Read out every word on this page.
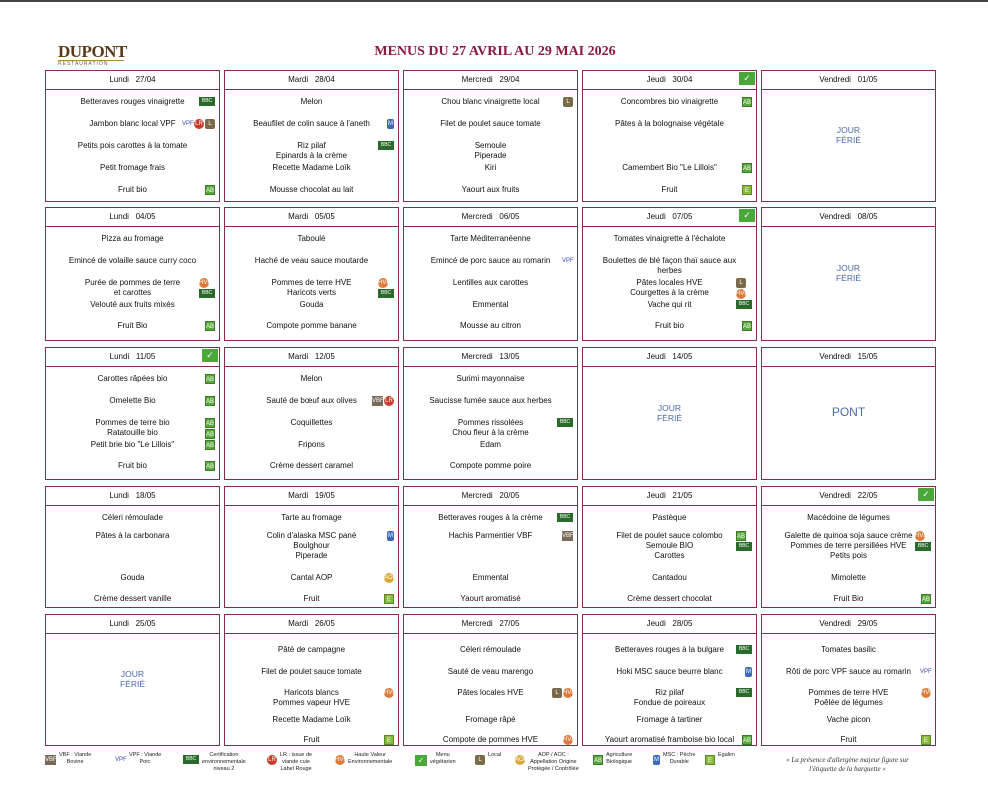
DUPONT
RESTAURATION
MENUS DU 27 AVRIL AU 29 MAI 2026
Lundi   27/04
Betteraves rouges vinaigrette	BBC
Jambon blanc local VPF VPF LR L
Petits pois carottes à la tomate
Petit fromage frais
Fruit bio	AB
Mardi   28/04
Melon
Beaufilet de colin sauce à l'aneth	M
Riz pilaf
Epinards à la crème
BBC
Recette Madame Loïk
Mousse chocolat au lait
Mercredi   29/04
Chou blanc vinaigrette local	L
Filet de poulet sauce tomate
Semoule
Piperade
Kiri
Yaourt aux fruits
Jeudi   30/04	✓
Concombres bio vinaigrette	AB
Pâtes à la bolognaise végétale
Camembert Bio "Le Lillois"	AB
Fruit	E
Vendredi   01/05
JOUR
FÉRIÉ
Lundi   04/05
Pizza au fromage
Emincé de volaille sauce curry coco
Purée de pommes de terre
et carottes
HVE
BBC
Velouté aux fruits mixés
Fruit Bio	AB
Mardi   05/05
Taboulé
Haché de veau sauce moutarde
Pommes de terre HVE
Haricots verts
HVE
BBC
Gouda
Compote pomme banane
Mercredi   06/05
Tarte Méditerranéenne
Emincé de porc sauce au romarin VPF
Lentilles aux carottes
Emmental
Mousse au citron
Jeudi   07/05	✓
Tomates vinaigrette à l'échalote
Boulettes de blé façon thaï sauce aux herbes
Pâtes locales HVE
Courgettes à la crème
L
HVE
BBC
Vache qui rit
Fruit bio	AB
Vendredi   08/05
JOUR
FÉRIÉ
Lundi   11/05	✓
Carottes râpées bio	AB
Omelette Bio	AB
Pommes de terre bio
Ratatouille bio
AB
AB
Petit brie bio "Le Lillois"	AB
Fruit bio	AB
Mardi   12/05
Melon
Sauté de bœuf aux olives	VBF LR
Coquillettes
Fripons
Crème dessert caramel
Mercredi   13/05
Surimi mayonnaise
Saucisse fumée sauce aux herbes
Pommes rissolées
Chou fleur à la crème
BBC
Edam
Compote pomme poire
Jeudi   14/05
JOUR
FÉRIÉ
Vendredi   15/05
PONT
Lundi   18/05
Céleri rémoulade
Pâtes à la carbonara
Gouda
Crème dessert vanille
Mardi   19/05
Tarte au fromage
Colin d'alaska MSC pané
Boulghour
Piperade
M
Cantal AOP	AOP
Fruit	E
Mercredi   20/05
Betteraves rouges à la crème	BBC
Hachis Parmentier VBF	VBF
Emmental
Yaourt aromatisé
Jeudi   21/05
Pastèque
Filet de poulet sauce colombo
Semoule BIO
Carottes
AB
BBC
Cantadou
Crème dessert chocolat
Vendredi   22/05	✓
Macédoine de légumes
Galette de quinoa soja sauce crème
Pommes de terre persillées HVE
Petits pois
HVE
BBC
Mimolette
Fruit Bio	AB
Lundi   25/05
JOUR
FÉRIÉ
Mardi   26/05
Pâté de campagne
Filet de poulet sauce tomate
Haricots blancs
Pommes vapeur HVE
HVE
Recette Madame Loïk
Fruit	E
Mercredi   27/05
Céleri rémoulade
Sauté de veau marengo
Pâtes locales HVE	L HVE
Fromage râpé
Compote de pommes HVE	HVE
Jeudi   28/05
Betteraves rouges à la bulgare	BBC
Hoki MSC sauce beurre blanc	M
Riz pilaf
Fondue de poireaux
BBC
Fromage à tartiner
Yaourt aromatisé framboise bio local AB
Vendredi   29/05
Tomates basilic
Rôti de porc VPF sauce au romarin VPF
Pommes de terre HVE
Poêlée de légumes
HVE
Vache picon
Fruit	E
VBF
VBF : Viande
Bovine	VPF
VPF : Viande
Porc	BBC
Certification
environnementale
niveau 2
LR
LR : issue de
viande cuie
Label Rouge
HVE
Haute Valeur
Environnementale	✓
Menu
végétarien	L
Local
AOP
AOP / AOC :
Appellation Origine
Protégée / Contrôlée
AB
Agriculture
Biologique	M
MSC : Pêche
Durable	E
Egalim
« La présence d'allergène majeur figure sur
l'étiquette de la barquette »
